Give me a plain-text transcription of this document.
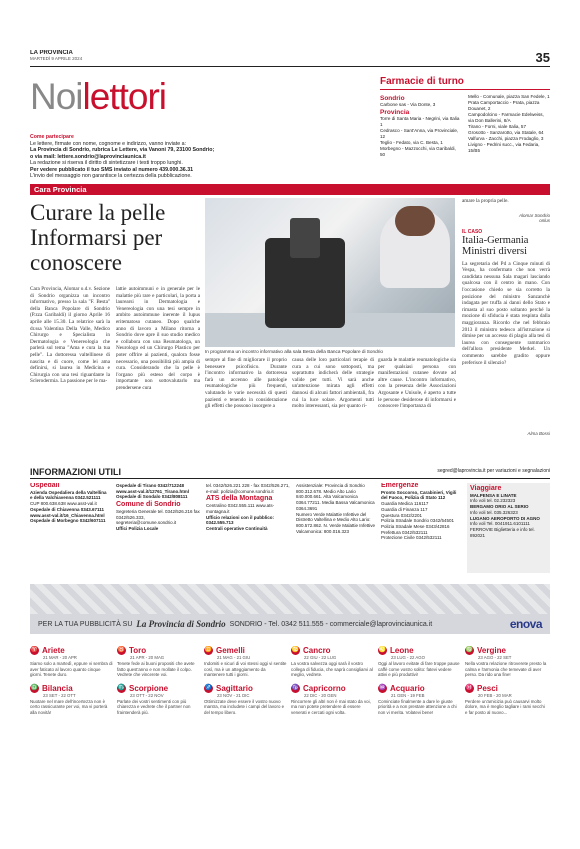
LA PROVINCIA
MARTEDÌ 9 APRILE 2024	35
Noilettori
Come partecipare
Le lettere, firmate con nome, cognome e indirizzo, vanno inviate a:
La Provincia di Sondrio, rubrica Le Lettere, via Vanoni 79, 23100 Sondrio;
o via mail: lettere.sondrio@laprovinciaunica.it
La redazione si riserva il diritto di sintetizzare i testi troppo lunghi.
Per vedere pubblicato il tuo SMS inviato al numero 439.000.36.31
L'invio del messaggio non garantisce la certezza della pubblicazione.
Farmacie di turno
Sondrio
Carbone sas - Via Donte, 3
Provincia
Torre di Santa Maria - Negrini, via Italia 1
Cedrasco - Sant'Anna, via Provinciale, 12
Teglio - Fedato, via C. Besta, 1
Morbegno - Mazzocchi, via Garibaldi, 50
Mello - Comunale, piazza San Fedele, 1
Prata Camportaccio - Prata, piazza Douanet, 2
Campodolcino - Farmacie Edelweiss, via Don Ballerini, 8/A
Tirano - Forni, viale Italia, 57
Grosotto - Sanzarotto, via Statale, 64
Valfurva - Zacchi, piazza Frodaglio, 3
Livigno - Pedrini succ., via Fedaria, 15/B5
Cara Provincia
Curare la pelle Informarsi per conoscere
Cara Provincia, Alomar o.d.v. Sezione di Sondrio organizza un incontro informativo, presso la sala "F. Besta" della Banca Popolare di Sondrio (P.zza Garibaldi) il giorno Aprile 16 aprile alle 15.30. La relatrice sarà la dr.ssa Valentina Della Valle, Medico Chirurgo e Specialista in Dermatologia e Venereologia che parlerà sul tema "Ama e cura la tua pelle". La dottoressa valtellinese di nascita e di cuore, come lei ama definirsi, si laurea in Medicina e Chirurgia con una tesi riguardante la Sclerodermia. La passione per le ma-
lattie autoimmuni e in generale per le malattie più rare e particolari, la porta a laurearsi in Dermatologia e Venereologia con una tesi sempre in ambito autoimmune inerente il lupus eritematoso cutaneo. Dopo qualche anno di lavoro a Milano ritorna a Sondrio dove apre il suo studio medico e collabora con una Reumatologa, un Neurologo ed un Chirurgo Plastico per poter offrire ai pazienti, qualora fosse necessario, una possibilità più ampia di cura. Considerando che la pelle è l'organo più esteso del corpo è importante non sottovalutarlo ma prendersene cura
In programma un incontro informativo alla sala Besta della Banca Popolare di Sondrio
sempre al fine di migliorare il proprio benessere psicofisico. Durante l'incontro informativo la dottoressa farà un accenno alle patologie reumatologiche più frequenti, valutando le varie necessità di questi pazienti e tenendo in considerazione gli effetti che possono insorgere a
causa delle loro particolari terapie di cura a cui sono sottoposti, ma soprattutto indicherà delle strategie valide per tutti. Vi sarà anche un'attenzione mirata agli effetti dannosi di alcuni fattori ambientali, fra cui la luce solare. Argomenti tutti molto interessanti, sia per quanto ri-
guarda le malattie reumatologiche sia per qualsiasi persona con manifestazioni cutanee dovute ad altre cause. L'incontro informativo, con la presenza delle Associazioni Argosante e Unisole, è aperto a tutte le persone desiderose di informarsi e conoscere l'importanza di
amare la propria pelle.
Alomar Sondrio
onlus
IL CASO
Italia-Germania Ministri diversi
La segretaria del Pd a Cinque minuti di Vespa, ha confermato che non verrà candidata nessuna Sala magari lasciando qualcosa con il centro in mano. Con l'occasione chiedo se sia corretto la posizione del ministro Sanzanchè indagata per truffa ai danni dello Stato e rimasta al suo posto soltanto perché la mozione di sfiducia è stata respinta dalla maggioranza. Ricordo che nel febbraio 2013 il ministro tedesco all'istruzione si dimise per un accesso di plagio alla tesi di laurea con conseguente rammarico dell'allora presidente Merkel. Un commento sarebbe gradito oppure preferisce il silenzio?
Alma Bossi
INFORMAZIONI UTILI	segred@laprovincia.it per variazioni e segnalazioni
Ospedali
Azienda Ospedaliera della Valtellina e della Valchiavenna 0342.521111
CUP 800.638.638 www.asst-val.it
Ospedale di Chiavenna 0343.67111 www.asst-val.it/16_Chiavenna.html
Ospedale di Morbegno 0342/607111
Ospedale di Tirano 0342/712248 www.asst-val.it/12761_Tirano.html
Ospedale di Sondalo 0342/808111
Comune di Sondrio
Segreteria Generale tel. 0342/526.216 fax 0342/526.333, segreteria@comune.sondrio.it
Uffici Polizia Locale
tel. 0342/526.221 228 - fax 0342/526.271, e-mail: polizia@comune.sondrio.it
ATS della Montagna
Centralino 0342.555.111 www.ats-montagna.it
Ufficio relazioni con il pubblico: 0342.555.713
Centrali operative Continuità
Assistenziale: Provincia di Sondrio 800.312.678. Medio Alto Lario 840.000.661. Alta Valcamonica 0364.77211. Media Bassa Valcamonica 0364.3691
Numero Verde Malattie Infettive del Distretto Valtellina e Medio Alto Lario: 800.572.862. N. Verde Malattie Infettive Valcamonica: 800.016.323
Emergenze
Pronto Soccorso, Carabinieri, Vigili del Fuoco, Polizia di Stato 112
Guardia Medica 116117
Guardia di Finanza 117
Questura 0342/2201
Polizia Stradale Sondrio 0342/54501
Polizia Stradale Mese 0343/42816
Prefettura 0342/532111
Protezione Civile 0342/532111
Viaggiare
MALPENSA E LINATE
Info voli tel. 02.232323
BERGAMO ORIO AL SERIO
Info voli tel. 035.326323
LUGANO AEROPORTO DI AGNO
Info voli Tel. 0041911.6101111
FERROVIE Biglietteria e info tel. 892021
PER LA TUA PUBBLICITÀ SU La Provincia di Sondrio SONDRIO - Tel. 0342 511.555 - commerciale@laprovinciaunica.it	enova
♈ Ariete
21 MAR - 20 APR
Siamo solo a martedì, eppure vi sembra di aver faticato al lavoro quanto cinque giorni. Tenete duro.
♉ Toro
21 APR - 20 MAG
Tenete fede ai buoni propositi che avete fatto quest'anno e non mollate il colpo. Vedrete che vincerete voi.
♊ Gemelli
21 MAG - 21 GIU
Indomiti e sicuri di voi stessi oggi vi sentite così, ma è un atteggiamento da mantenere tutti i giorni.
♋ Cancro
22 GIU - 22 LUG
La vostra salvezza oggi sarà il vostro collega di fiducia, che saprà consigliarvi al meglio, vedrete.
♌ Leone
23 LUG - 22 AGO
Oggi al lavoro evitate di fare troppe pause caffè come vostro solito: fatevi vedere attivi e più produttivi!
♍ Vergine
23 AGO - 22 SET
Nella vostra relazione ritroverete presto la calma e l'armonia che temevate di aver perso. Da rido una fine!
♎ Bilancia
23 SET - 22 OTT
Nuotare nel mare dell'incertezza non è certo rassicurante per voi, ma vi porterà alla novità!
♏ Scorpione
23 OTT - 22 NOV
Parlate dei vostri sentimenti con più chiarezza e vedrete che il partner non fraintenderà più.
♐ Sagittario
23 NOV - 21 DIC
Ottimizzate deve essere il vostro nuovo mantra, ma includete i campi del lavoro e del tempo libero.
♑ Capricorno
22 DIC - 20 GEN
Rincorrere gli altri non è mai stato da voi, ma non potete pretendere di essere venerati e cercati ogni volta.
♒ Acquario
21 GEN - 19 FEB
Cominciate finalmente a dare le giuste priorità e a non prestare attenzione a chi non vi merita. Volatevi bene!
♓ Pesci
20 FEB - 20 MAR
Perdere un'amicizia può causarvi molto dolore, ma è meglio tagliare i rami secchi e far posto al nuovo...
